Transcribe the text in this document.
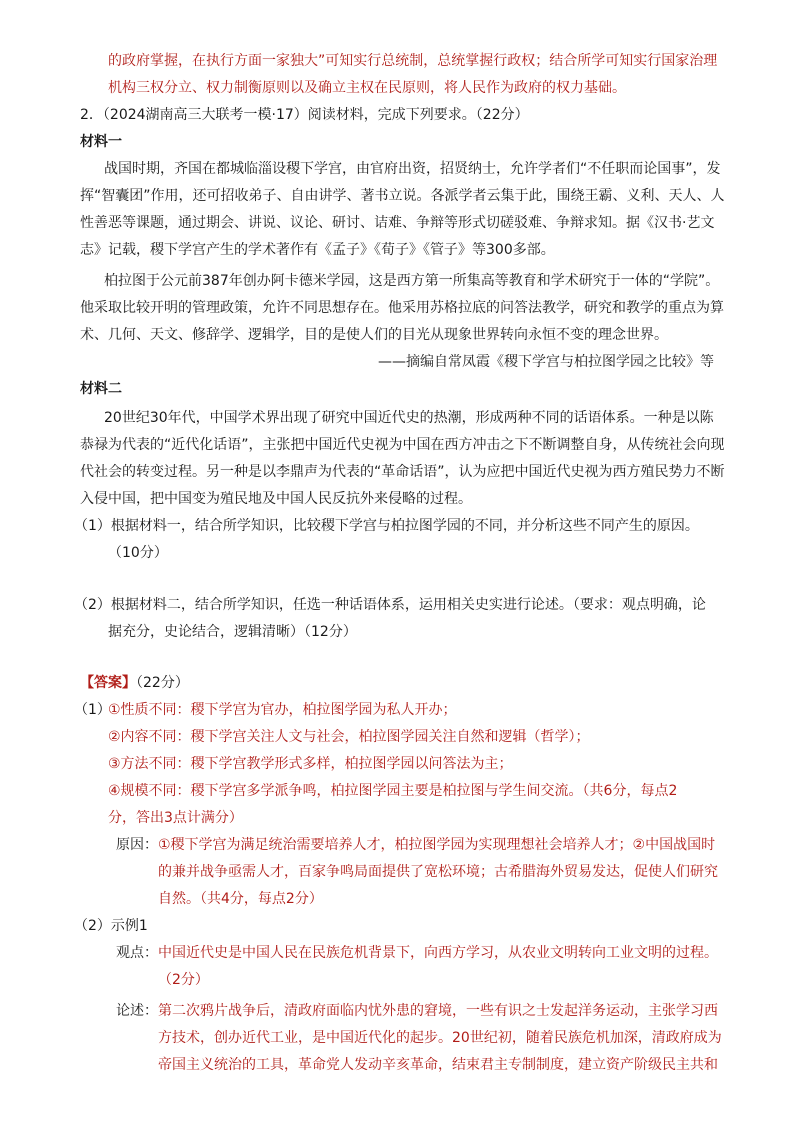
的政府掌握，在执行方面一家独大”可知实行总统制，总统掌握行政权；结合所学可知实行国家治理
机构三权分立、权力制衡原则以及确立主权在民原则，将人民作为政府的权力基础。
2．（2024湖南高三大联考一模·17）阅读材料，完成下列要求。（22分）
材料一
战国时期，齐国在都城临淄设稷下学宫，由官府出资，招贤纳士，允许学者们“不任职而论国事”，发
挥“智囊团”作用，还可招收弟子、自由讲学、著书立说。各派学者云集于此，围绕王霸、义利、天人、人
性善恶等课题，通过期会、讲说、议论、研讨、诘难、争辩等形式切磋驳难、争辩求知。据《汉书·艺文
志》记载，稷下学宫产生的学术著作有《孟子》《荀子》《管子》等300多部。
柏拉图于公元前387年创办阿卡德米学园，这是西方第一所集高等教育和学术研究于一体的“学院”。
他采取比较开明的管理政策，允许不同思想存在。他采用苏格拉底的问答法教学，研究和教学的重点为算
术、几何、天文、修辞学、逻辑学，目的是使人们的目光从现象世界转向永恒不变的理念世界。
——摘编自常凤霞《稷下学宫与柏拉图学园之比较》等
材料二
20世纪30年代，中国学术界出现了研究中国近代史的热潮，形成两种不同的话语体系。一种是以陈
恭禄为代表的“近代化话语”，主张把中国近代史视为中国在西方冲击之下不断调整自身，从传统社会向现
代社会的转变过程。另一种是以李鼎声为代表的“革命话语”，认为应把中国近代史视为西方殖民势力不断
入侵中国，把中国变为殖民地及中国人民反抗外来侵略的过程。
（1）根据材料一，结合所学知识，比较稷下学宫与柏拉图学园的不同，并分析这些不同产生的原因。
（10分）
（2）根据材料二，结合所学知识，任选一种话语体系，运用相关史实进行论述。（要求：观点明确，论
据充分，史论结合，逻辑清晰）（12分）
【答案】（22分）
（1）
①性质不同：稷下学宫为官办，柏拉图学园为私人开办；
②内容不同：稷下学宫关注人文与社会，柏拉图学园关注自然和逻辑（哲学）；
③方法不同：稷下学宫教学形式多样，柏拉图学园以问答法为主；
④规模不同：稷下学宫多学派争鸣，柏拉图学园主要是柏拉图与学生间交流。（共6分，每点2
分，答出3点计满分）
原因： ①稷下学宫为满足统治需要培养人才，柏拉图学园为实现理想社会培养人才；②中国战国时
的兼并战争亟需人才，百家争鸣局面提供了宽松环境；古希腊海外贸易发达，促使人们研究
自然。（共4分，每点2分）
（2）示例1
观点： 中国近代史是中国人民在民族危机背景下，向西方学习，从农业文明转向工业文明的过程。
（2分）
论述： 第二次鸦片战争后，清政府面临内忧外患的窘境，一些有识之士发起洋务运动，主张学习西
方技术，创办近代工业，是中国近代化的起步。20世纪初，随着民族危机加深，清政府成为
帝国主义统治的工具，革命党人发动辛亥革命，结束君主专制制度，建立资产阶级民主共和
